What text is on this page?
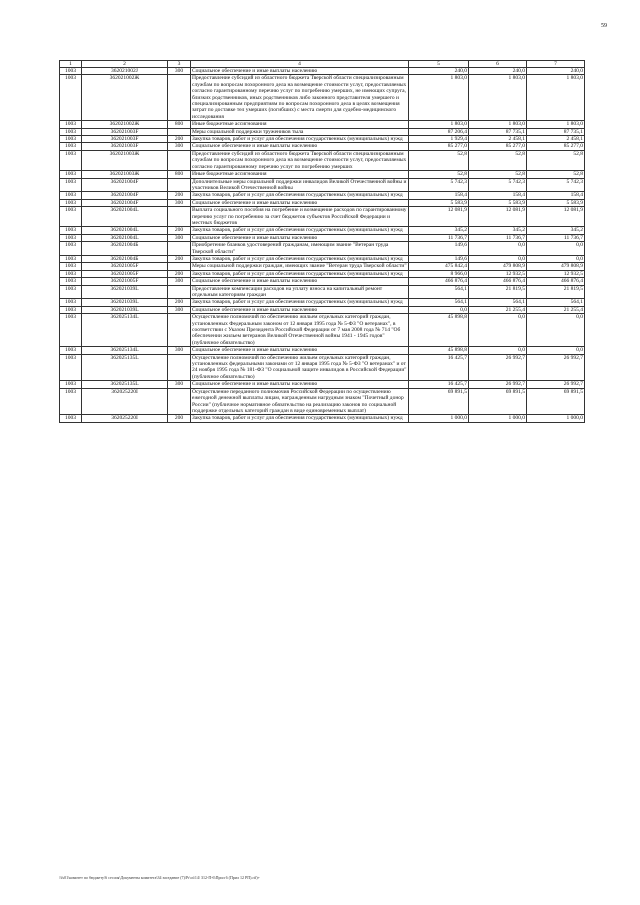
59
1	2	3	4	5	6	7
1003	362021002J	300	Социальное обеспечение и иные выплаты населению	240,0	240,0	240,0
1003	362021002Ж		Предоставление субсидий из областного бюджета Тверской области специализированным службам по вопросам похоронного дела на возмещение стоимости услуг, предоставляемых согласно гарантированному перечню услуг по погребению умерших, не имеющих супруга, близких родственников, иных родственников либо законного представителя умершего и специализированным предприятиям по вопросам похоронного дела в целях возмещения затрат по доставке тел умерших (погибших) с места смерти для судебно-медицинского исследования	1 803,0	1 803,0	1 803,0
1003	362021002Ж	800	Иные бюджетные ассигнования	1 803,0	1 803,0	1 803,0
1003	362021003F		Меры социальной поддержки тружеников тыла	87 206,4	87 735,1	87 735,1
1003	362021003F	200	Закупка товаров, работ и услуг для обеспечения государственных (муниципальных) нужд	1 929,4	2 458,1	2 458,1
1003	362021003F	300	Социальное обеспечение и иные выплаты населению	85 277,0	85 277,0	85 277,0
1003	362021003Ж		Предоставление субсидий из областного бюджета Тверской области специализированным службам по вопросам похоронного дела на возмещение стоимости услуг, предоставляемых согласно гарантированному перечню услуг по погребению умерших	52,8	52,8	52,8
1003	362021003Ж	800	Иные бюджетные ассигнования	52,8	52,8	52,8
1003	362021004F		Дополнительные меры социальной поддержки инвалидов Великой Отечественной войны и участников Великой Отечественной войны	5 742,3	5 742,3	5 742,3
1003	362021004F	200	Закупка товаров, работ и услуг для обеспечения государственных (муниципальных) нужд	158,4	158,4	158,4
1003	362021004F	300	Социальное обеспечение и иные выплаты населению	5 583,9	5 583,9	5 583,9
1003	362021004L		Выплата социального пособия на погребение и возмещение расходов по гарантированному перечню услуг по погребению за счет бюджетов субъектов Российской Федерации и местных бюджетов	12 081,9	12 081,9	12 081,9
1003	362021004L	200	Закупка товаров, работ и услуг для обеспечения государственных (муниципальных) нужд	345,2	345,2	345,2
1003	362021004L	300	Социальное обеспечение и иные выплаты населению	11 736,7	11 736,7	11 736,7
1003	362021004Б		Приобретение бланков удостоверений гражданам, имеющим звание "Ветеран труда Тверской области"	149,6	0,0	0,0
1003	362021004Б	200	Закупка товаров, работ и услуг для обеспечения государственных (муниципальных) нужд	149,6	0,0	0,0
1003	362021005F		Меры социальной поддержки граждан, имеющих звание "Ветеран труда Тверской области"	475 842,4	479 808,9	479 808,9
1003	362021005F	200	Закупка товаров, работ и услуг для обеспечения государственных (муниципальных) нужд	8 966,0	12 932,5	12 932,5
1003	362021005F	300	Социальное обеспечение и иные выплаты населению	466 876,4	466 876,4	466 876,4
1003	362021039L		Предоставление компенсации расходов на уплату взноса на капитальный ремонт отдельным категориям граждан	564,1	21 819,5	21 819,5
1003	362021039L	200	Закупка товаров, работ и услуг для обеспечения государственных (муниципальных) нужд	564,1	564,1	564,1
1003	362021039L	300	Социальное обеспечение и иные выплаты населению	0,0	21 255,4	21 255,4
1003	362025134L		Осуществление полномочий по обеспечению жильем отдельных категорий граждан, установленных Федеральным законом от 12 января 1995 года № 5-ФЗ "О ветеранах", в соответствии с Указом Президента Российской Федерации от 7 мая 2008 года № 714 "Об обеспечении жильем ветеранов Великой Отечественной войны 1941 - 1945 годов" (публичное обязательство)	45 898,8	0,0	0,0
1003	362025134L	300	Социальное обеспечение и иные выплаты населению	45 898,8	0,0	0,0
1003	362025135L		Осуществление полномочий по обеспечению жильем отдельных категорий граждан, установленных федеральными законами от 12 января 1995 года № 5-ФЗ "О ветеранах" и от 24 ноября 1995 года № 181-ФЗ "О социальной защите инвалидов в Российской Федерации" (публичное обязательство)	16 425,7	26 992,7	26 992,7
1003	362025135L	300	Социальное обеспечение и иные выплаты населению	16 425,7	26 992,7	26 992,7
1003	362025220I		Осуществление переданного полномочия Российской Федерации по осуществлению ежегодной денежной выплаты лицам, награжденным нагрудным знаком "Почетный донор России" (публичное нормативное обязательство на реализацию законов по социальной поддержке отдельных категорий граждан в виде единовременных выплат)	69 891,5	69 891,5	69 891,5
1003	362025220I	200	Закупка товаров, работ и услуг для обеспечения государственных (муниципальных) нужд	1 000,0	1 000,0	1 000,0
\\fs01\комитет по бюджету\6 сессия\Документы комитета\34 заседание (7)\Pr\ot\14\ 312-П-6\Прил 6 (Прил 12 РП).rtf)+
